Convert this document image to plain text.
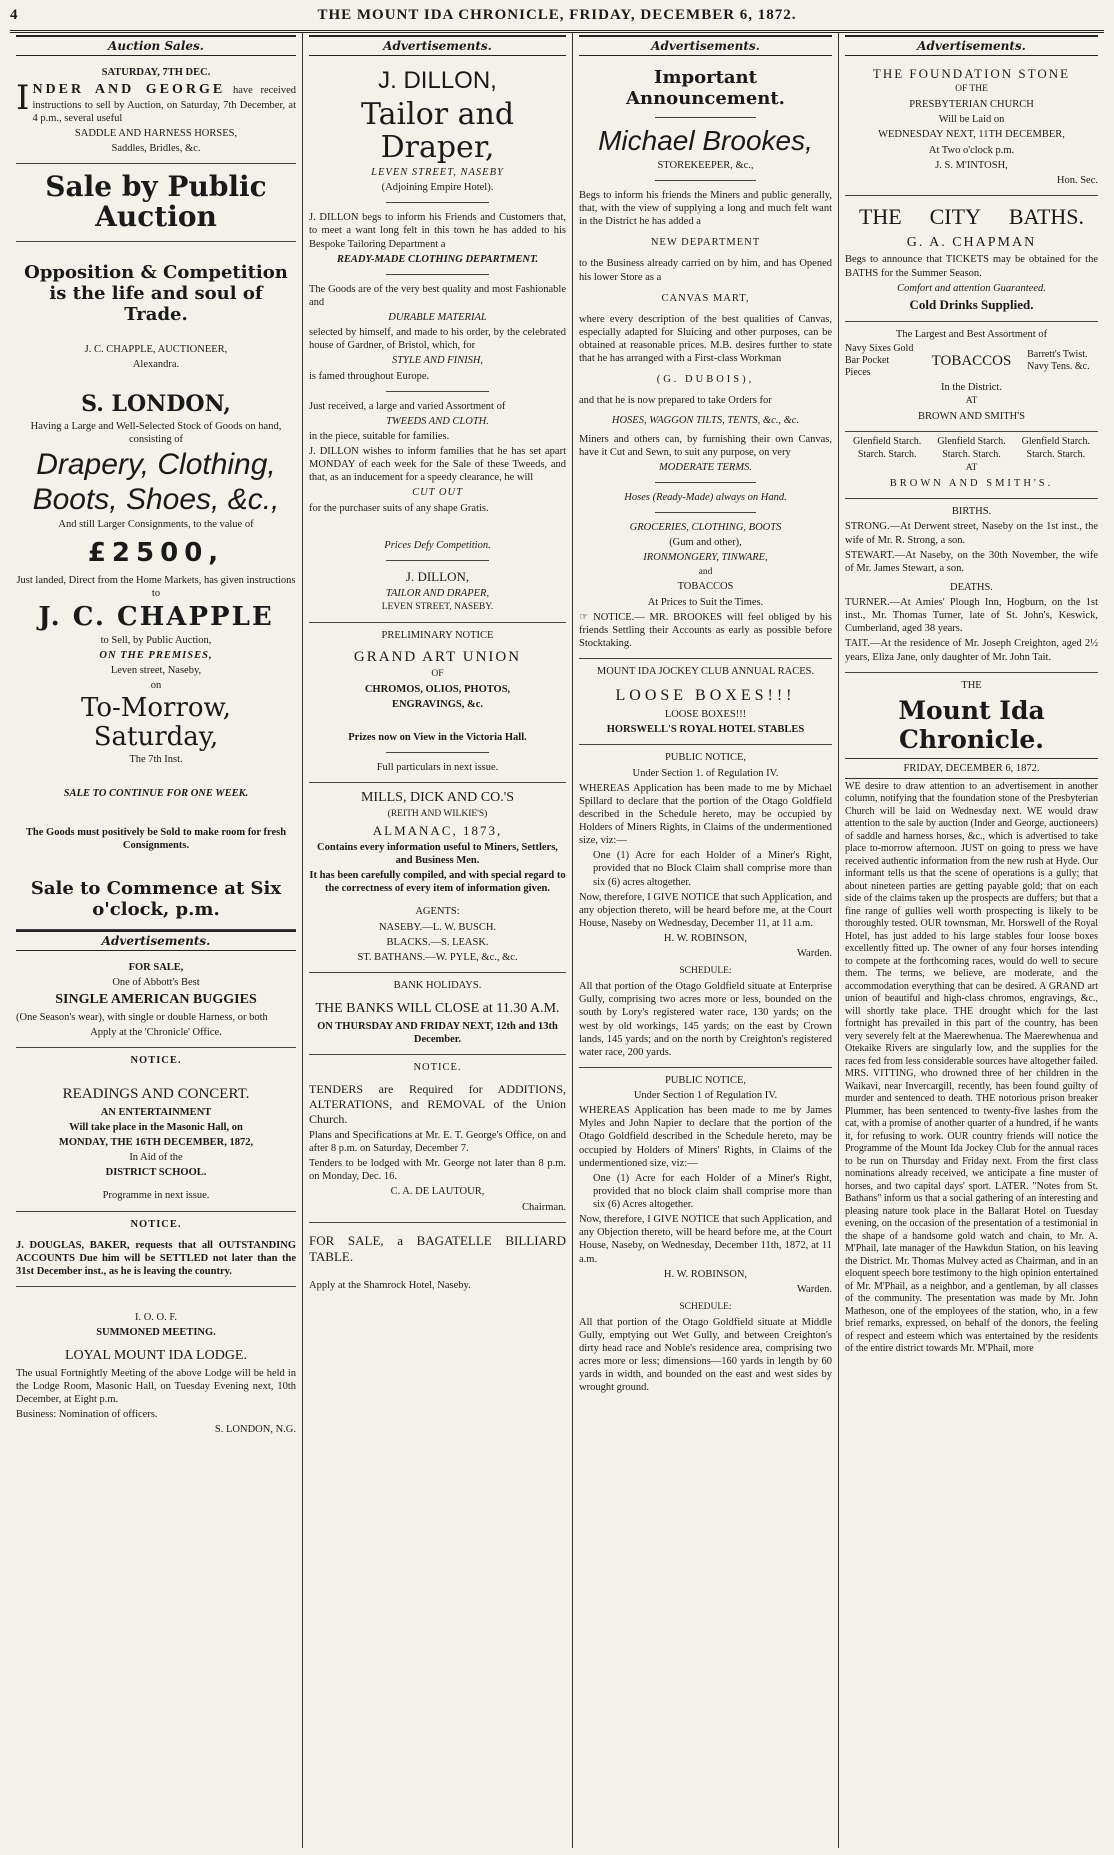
4	THE MOUNT IDA CHRONICLE, FRIDAY, DECEMBER 6, 1872.
Auction Sales.
SATURDAY, 7TH DEC.
INDER AND GEORGE have received instructions to sell by Auction, on Saturday, 7th December, at 4 p.m., several useful
SADDLE AND HARNESS HORSES,
Saddles, Bridles, &c.
Sale by Public Auction
Opposition & Competition is the life and soul of Trade.
J. C. CHAPPLE, AUCTIONEER,
Alexandra.
S. LONDON,
Having a Large and Well-Selected Stock of Goods on hand, consisting of
Drapery, Clothing,
Boots, Shoes, &c.,
And still Larger Consignments, to the value of
£2500,
Just landed, Direct from the Home Markets, has given instructions to
J. C. CHAPPLE
to Sell, by Public Auction,
ON THE PREMISES,
Leven street, Naseby,
on
To-Morrow, Saturday,
The 7th Inst.
SALE TO CONTINUE FOR ONE WEEK.
The Goods must positively be Sold to make room for fresh Consignments.
Sale to Commence at Six o'clock, p.m.
Advertisements.
FOR SALE,
One of Abbott's Best
SINGLE AMERICAN BUGGIES
(One Season's wear), with single or double Harness, or both
Apply at the 'Chronicle' Office.
NOTICE.
READINGS AND CONCERT.
AN ENTERTAINMENT
Will take place in the Masonic Hall, on
MONDAY, THE 16TH DECEMBER, 1872,
In Aid of the
DISTRICT SCHOOL.
Programme in next issue.
NOTICE.
J. DOUGLAS, BAKER, requests that all OUTSTANDING ACCOUNTS Due him will be SETTLED not later than the 31st December inst., as he is leaving the country.
I. O. O. F.
SUMMONED MEETING.
LOYAL MOUNT IDA LODGE.
The usual Fortnightly Meeting of the above Lodge will be held in the Lodge Room, Masonic Hall, on Tuesday Evening next, 10th December, at Eight p.m.
Business: Nomination of officers.
S. LONDON, N.G.
Advertisements.
J. DILLON,
Tailor and Draper,
LEVEN STREET, NASEBY
(Adjoining Empire Hotel).
J. DILLON begs to inform his Friends and Customers that, to meet a want long felt in this town he has added to his Bespoke Tailoring Department a
READY-MADE CLOTHING DEPARTMENT.
The Goods are of the very best quality and most Fashionable and
DURABLE MATERIAL
selected by himself, and made to his order, by the celebrated house of Gardner, of Bristol, which, for
STYLE AND FINISH,
is famed throughout Europe.
Just received, a large and varied Assortment of
TWEEDS AND CLOTH.
in the piece, suitable for families.
J. DILLON wishes to inform families that he has set apart MONDAY of each week for the Sale of these Tweeds, and that, as an inducement for a speedy clearance, he will
CUT OUT
for the purchaser suits of any shape Gratis.
Prices Defy Competition.
J. DILLON,
TAILOR AND DRAPER,
LEVEN STREET, NASEBY.
PRELIMINARY NOTICE
GRAND ART UNION
OF
CHROMOS, OLIOS, PHOTOS,
ENGRAVINGS, &c.
Prizes now on View in the Victoria Hall.
Full particulars in next issue.
MILLS, DICK AND CO.'S
(REITH AND WILKIE'S)
ALMANAC, 1873,
Contains every information useful to Miners, Settlers, and Business Men.
It has been carefully compiled, and with special regard to the correctness of every item of information given.
AGENTS:
NASEBY.—L. W. BUSCH.
BLACKS.—S. LEASK.
ST. BATHANS.—W. PYLE, &c., &c.
BANK HOLIDAYS.
THE BANKS WILL CLOSE at 11.30 A.M.
ON THURSDAY AND FRIDAY NEXT, 12th and 13th December.
NOTICE.
TENDERS are Required for ADDITIONS, ALTERATIONS, and REMOVAL of the Union Church.
Plans and Specifications at Mr. E. T. George's Office, on and after 8 p.m. on Saturday, December 7.
Tenders to be lodged with Mr. George not later than 8 p.m. on Monday, Dec. 16.
C. A. DE LAUTOUR,
Chairman.
FOR SALE, a BAGATELLE BILLIARD TABLE.
Apply at the Shamrock Hotel, Naseby.
Advertisements.
Important Announcement.
Michael Brookes,
STOREKEEPER, &c.,
Begs to inform his friends the Miners and public generally, that, with the view of supplying a long and much felt want in the District he has added a
NEW DEPARTMENT
to the Business already carried on by him, and has Opened his lower Store as a
CANVAS MART,
where every description of the best qualities of Canvas, especially adapted for Sluicing and other purposes, can be obtained at reasonable prices. M.B. desires further to state that he has arranged with a First-class Workman
(G. DUBOIS),
and that he is now prepared to take Orders for
HOSES, WAGGON TILTS, TENTS, &c., &c.
Miners and others can, by furnishing their own Canvas, have it Cut and Sewn, to suit any purpose, on very
MODERATE TERMS.
Hoses (Ready-Made) always on Hand.
GROCERIES, CLOTHING, BOOTS
(Gum and other),
IRONMONGERY, TINWARE,
and
TOBACCOS
At Prices to Suit the Times.
☞ NOTICE.— MR. BROOKES will feel obliged by his friends Settling their Accounts as early as possible before Stocktaking.
MOUNT IDA JOCKEY CLUB ANNUAL RACES.
LOOSE BOXES!!!
LOOSE BOXES!!!
HORSWELL'S ROYAL HOTEL STABLES
PUBLIC NOTICE,
Under Section 1. of Regulation IV.
WHEREAS Application has been made to me by Michael Spillard to declare that the portion of the Otago Goldfield described in the Schedule hereto, may be occupied by Holders of Miners Rights, in Claims of the undermentioned size, viz:—
One (1) Acre for each Holder of a Miner's Right, provided that no Block Claim shall comprise more than six (6) acres altogether.
Now, therefore, I GIVE NOTICE that such Application, and any objection thereto, will be heard before me, at the Court House, Naseby on Wednesday, December 11, at 11 a.m.
H. W. ROBINSON,
Warden.
SCHEDULE:
All that portion of the Otago Goldfield situate at Enterprise Gully, comprising two acres more or less, bounded on the south by Lory's registered water race, 130 yards; on the west by old workings, 145 yards; on the east by Crown lands, 145 yards; and on the north by Creighton's registered water race, 200 yards.
PUBLIC NOTICE,
Under Section 1 of Regulation IV.
WHEREAS Application has been made to me by James Myles and John Napier to declare that the portion of the Otago Goldfield described in the Schedule hereto, may be occupied by Holders of Miners' Rights, in Claims of the undermentioned size, viz:—
One (1) Acre for each Holder of a Miner's Right, provided that no block claim shall comprise more than six (6) Acres altogether.
Now, therefore, I GIVE NOTICE that such Application, and any Objection thereto, will be heard before me, at the Court House, Naseby, on Wednesday, December 11th, 1872, at 11 a.m.
H. W. ROBINSON,
Warden.
SCHEDULE:
All that portion of the Otago Goldfield situate at Middle Gully, emptying out Wet Gully, and between Creighton's dirty head race and Noble's residence area, comprising two acres more or less; dimensions—160 yards in length by 60 yards in width, and bounded on the east and west sides by wrought ground.
Advertisements.
THE FOUNDATION STONE
OF THE
PRESBYTERIAN CHURCH
Will be Laid on
WEDNESDAY NEXT, 11TH DECEMBER,
At Two o'clock p.m.
J. S. M'INTOSH,
Hon. Sec.
THE CITY BATHS.
G. A. CHAPMAN
Begs to announce that TICKETS may be obtained for the BATHS for the Summer Season.
Comfort and attention Guaranteed.
Cold Drinks Supplied.
The Largest and Best Assortment of
Navy Sixes Gold Bar Pocket Pieces
TOBACCOS	Barrett's Twist. Navy Tens. &c.
In the District.
AT
BROWN AND SMITH'S
Glenfield Starch. Starch. Starch.
Glenfield Starch. Starch. Starch.
Glenfield Starch. Starch. Starch.
AT
BROWN AND SMITH'S.
BIRTHS.
STRONG.—At Derwent street, Naseby on the 1st inst., the wife of Mr. R. Strong, a son.
STEWART.—At Naseby, on the 30th November, the wife of Mr. James Stewart, a son.
DEATHS.
TURNER.—At Amies' Plough Inn, Hogburn, on the 1st inst., Mr. Thomas Turner, late of St. John's, Keswick, Cumberland, aged 38 years.
TAIT.—At the residence of Mr. Joseph Creighton, aged 2½ years, Eliza Jane, only daughter of Mr. John Tait.
THE
Mount Ida Chronicle.
FRIDAY, DECEMBER 6, 1872.
WE desire to draw attention to an advertisement in another column, notifying that the foundation stone of the Presbyterian Church will be laid on Wednesday next. WE would draw attention to the sale by auction (Inder and George, auctioneers) of saddle and harness horses, &c., which is advertised to take place to-morrow afternoon. JUST on going to press we have received authentic information from the new rush at Hyde. Our informant tells us that the scene of operations is a gully; that about nineteen parties are getting payable gold; that on each side of the claims taken up the prospects are duffers; but that a fine range of gullies well worth prospecting is likely to be thoroughly tested. OUR townsman, Mr. Horswell of the Royal Hotel, has just added to his large stables four loose boxes excellently fitted up. The owner of any four horses intending to compete at the forthcoming races, would do well to secure them. The terms, we believe, are moderate, and the accommodation everything that can be desired. A GRAND art union of beautiful and high-class chromos, engravings, &c., will shortly take place. THE drought which for the last fortnight has prevailed in this part of the country, has been very severely felt at the Maerewhenua. The Maerewhenua and Otekaike Rivers are singularly low, and the supplies for the races fed from less considerable sources have altogether failed. MRS. VITTING, who drowned three of her children in the Waikavi, near Invercargill, recently, has been found guilty of murder and sentenced to death. THE notorious prison breaker Plummer, has been sentenced to twenty-five lashes from the cat, with a promise of another quarter of a hundred, if he wants it, for refusing to work. OUR country friends will notice the Programme of the Mount Ida Jockey Club for the annual races to be run on Thursday and Friday next. From the first class nominations already received, we anticipate a fine muster of horses, and two capital days' sport. LATER. "Notes from St. Bathans" inform us that a social gathering of an interesting and pleasing nature took place in the Ballarat Hotel on Tuesday evening, on the occasion of the presentation of a testimonial in the shape of a handsome gold watch and chain, to Mr. A. M'Phail, late manager of the Hawkdun Station, on his leaving the District. Mr. Thomas Mulvey acted as Chairman, and in an eloquent speech bore testimony to the high opinion entertained of Mr. M'Phail, as a neighbor, and a gentleman, by all classes of the community. The presentation was made by Mr. John Matheson, one of the employees of the station, who, in a few brief remarks, expressed, on behalf of the donors, the feeling of respect and esteem which was entertained by the residents of the entire district towards Mr. M'Phail, more
